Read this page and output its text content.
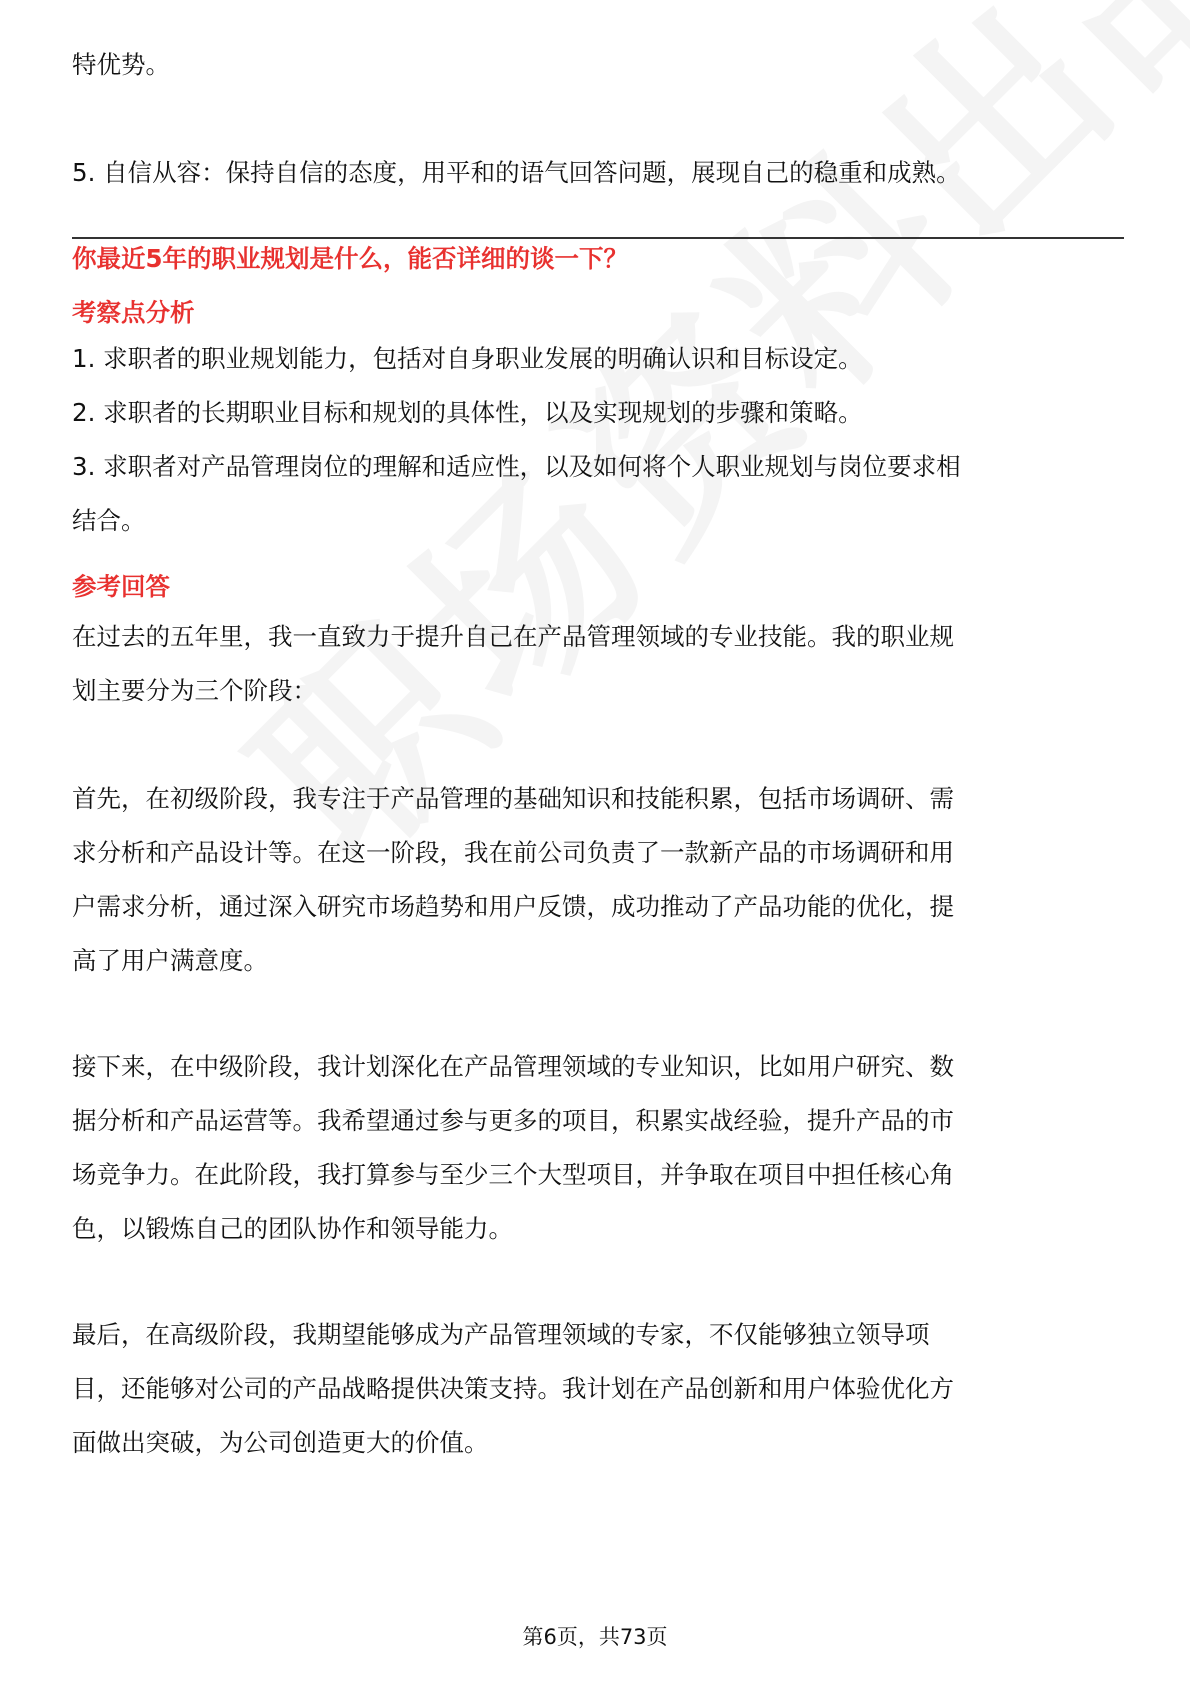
特优势。
5. 自信从容：保持自信的态度，用平和的语气回答问题，展现自己的稳重和成熟。
你最近5年的职业规划是什么，能否详细的谈一下？
考察点分析
1. 求职者的职业规划能力，包括对自身职业发展的明确认识和目标设定。
2. 求职者的长期职业目标和规划的具体性，以及实现规划的步骤和策略。
3. 求职者对产品管理岗位的理解和适应性，以及如何将个人职业规划与岗位要求相
结合。
参考回答
在过去的五年里，我一直致力于提升自己在产品管理领域的专业技能。我的职业规
划主要分为三个阶段：
首先，在初级阶段，我专注于产品管理的基础知识和技能积累，包括市场调研、需
求分析和产品设计等。在这一阶段，我在前公司负责了一款新产品的市场调研和用
户需求分析，通过深入研究市场趋势和用户反馈，成功推动了产品功能的优化，提
高了用户满意度。
接下来，在中级阶段，我计划深化在产品管理领域的专业知识，比如用户研究、数
据分析和产品运营等。我希望通过参与更多的项目，积累实战经验，提升产品的市
场竞争力。在此阶段，我打算参与至少三个大型项目，并争取在项目中担任核心角
色，以锻炼自己的团队协作和领导能力。
最后，在高级阶段，我期望能够成为产品管理领域的专家，不仅能够独立领导项
目，还能够对公司的产品战略提供决策支持。我计划在产品创新和用户体验优化方
面做出突破，为公司创造更大的价值。
第6页，共73页
